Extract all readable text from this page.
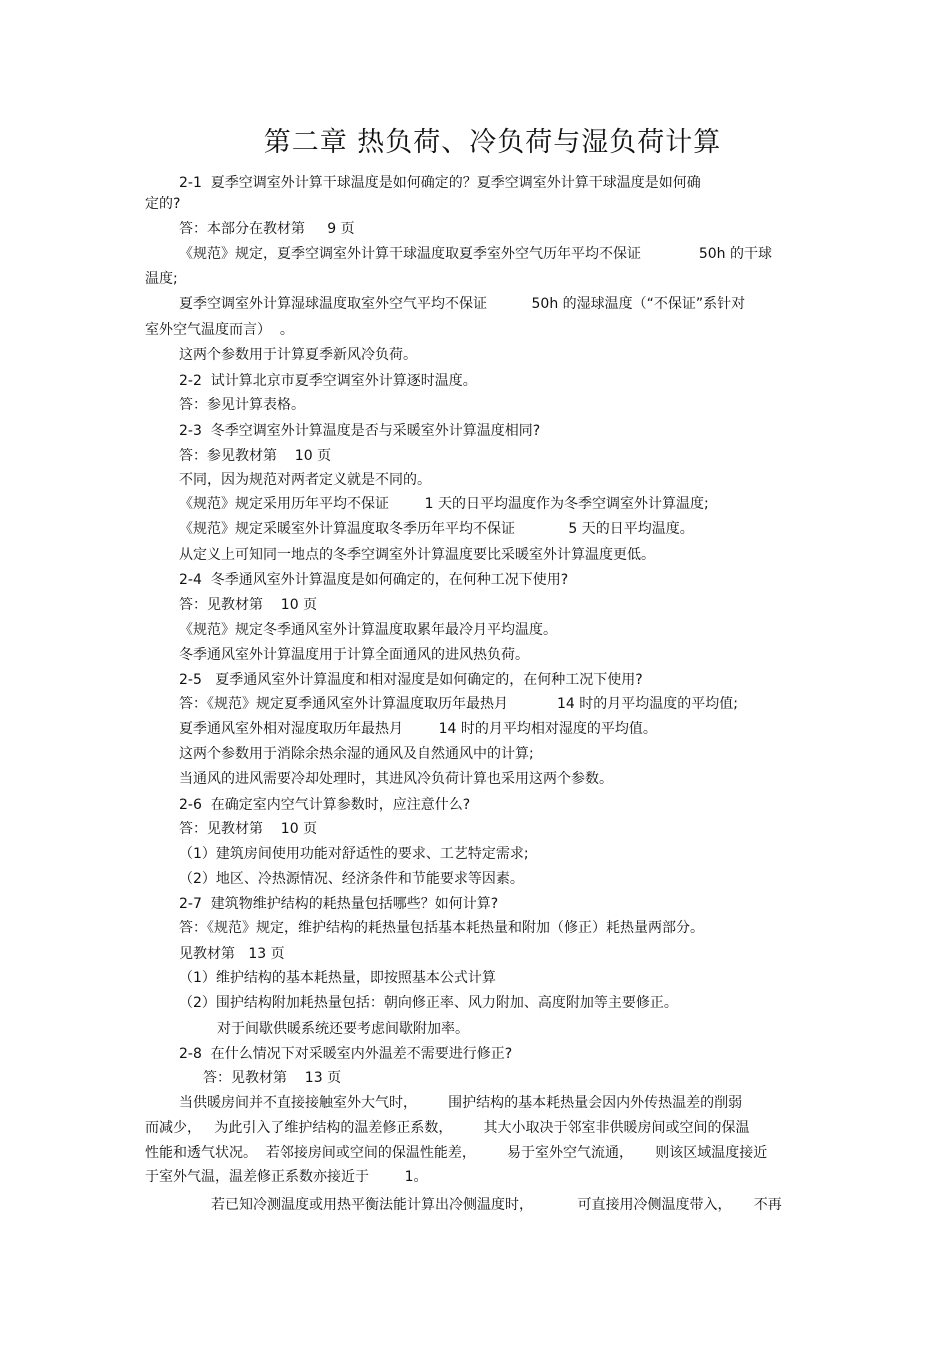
第二章 热负荷、冷负荷与湿负荷计算
2-1  夏季空调室外计算干球温度是如何确定的？夏季空调室外计算干球温度是如何确
定的?
答：本部分在教材第     9 页
《规范》规定，夏季空调室外计算干球温度取夏季室外空气历年平均不保证             50h 的干球
温度;
夏季空调室外计算湿球温度取室外空气平均不保证          50h 的湿球温度（“不保证”系针对
室外空气温度而言）  。
这两个参数用于计算夏季新风冷负荷。
2-2  试计算北京市夏季空调室外计算逐时温度。
答：参见计算表格。
2-3  冬季空调室外计算温度是否与采暖室外计算温度相同?
答：参见教材第    10 页
不同，因为规范对两者定义就是不同的。
《规范》规定采用历年平均不保证        1 天的日平均温度作为冬季空调室外计算温度;
《规范》规定采暖室外计算温度取冬季历年平均不保证            5 天的日平均温度。
从定义上可知同一地点的冬季空调室外计算温度要比采暖室外计算温度更低。
2-4  冬季通风室外计算温度是如何确定的，在何种工况下使用?
答：见教材第    10 页
《规范》规定冬季通风室外计算温度取累年最冷月平均温度。
冬季通风室外计算温度用于计算全面通风的进风热负荷。
2-5   夏季通风室外计算温度和相对湿度是如何确定的，在何种工况下使用?
答：《规范》规定夏季通风室外计算温度取历年最热月           14 时的月平均温度的平均值;
夏季通风室外相对湿度取历年最热月        14 时的月平均相对湿度的平均值。
这两个参数用于消除余热余湿的通风及自然通风中的计算;
当通风的进风需要冷却处理时，其进风冷负荷计算也采用这两个参数。
2-6  在确定室内空气计算参数时，应注意什么?
答：见教材第    10 页
（1）建筑房间使用功能对舒适性的要求、工艺特定需求;
（2）地区、冷热源情况、经济条件和节能要求等因素。
2-7  建筑物维护结构的耗热量包括哪些？如何计算?
答：《规范》规定，维护结构的耗热量包括基本耗热量和附加（修正）耗热量两部分。
见教材第   13 页
（1）维护结构的基本耗热量，即按照基本公式计算
（2）围护结构附加耗热量包括：朝向修正率、风力附加、高度附加等主要修正。
对于间歇供暖系统还要考虑间歇附加率。
2-8  在什么情况下对采暖室内外温差不需要进行修正?
答：见教材第    13 页
当供暖房间并不直接接触室外大气时，       围护结构的基本耗热量会因内外传热温差的削弱
而减少，   为此引入了维护结构的温差修正系数，       其大小取决于邻室非供暖房间或空间的保温
性能和透气状况。  若邻接房间或空间的保温性能差，       易于室外空气流通，     则该区域温度接近
于室外气温，温差修正系数亦接近于        1。
若已知冷测温度或用热平衡法能计算出冷侧温度时，          可直接用冷侧温度带入，     不再
